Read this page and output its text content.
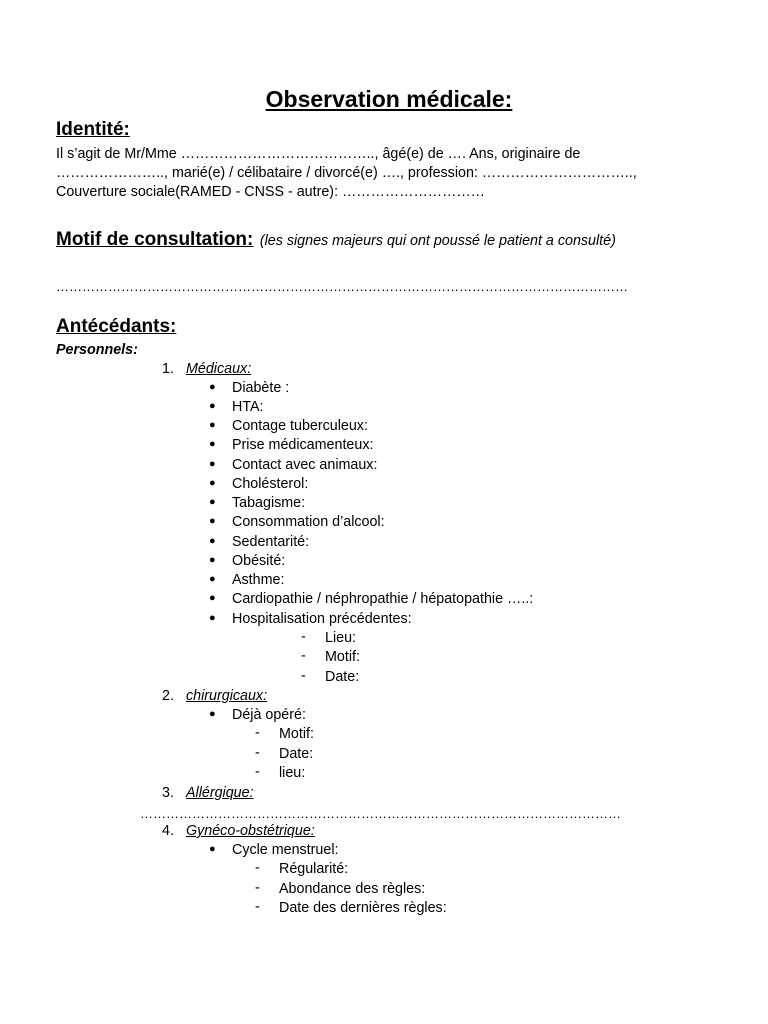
Observation médicale:
Identité:
Il s’agit de Mr/Mme ………………………………….., âgé(e) de …. Ans, originaire de
………………….., marié(e) / célibataire / divorcé(e) …., profession: …………………………..,
Couverture sociale(RAMED - CNSS - autre): …………………………
Motif de consultation: (les signes majeurs qui ont poussé le patient a consulté)
……………………………………………………………………………………………………………………
Antécédants:
Personnels:
1. Médicaux:
● Diabète :
● HTA:
● Contage tuberculeux:
● Prise médicamenteux:
● Contact avec animaux:
● Cholésterol:
● Tabagisme:
● Consommation d’alcool:
● Sedentarité:
● Obésité:
● Asthme:
● Cardiopathie / néphropathie / hépatopathie …..:
● Hospitalisation précédentes:
- Lieu:
- Motif:
- Date:
2. chirurgicaux:
● Déjà opéré:
- Motif:
- Date:
- lieu:
3. Allérgique:
…………………………………………………………………………………………………
4. Gynéco-obstétrique:
● Cycle menstruel:
- Régularité:
- Abondance des règles:
- Date des dernières règles:
